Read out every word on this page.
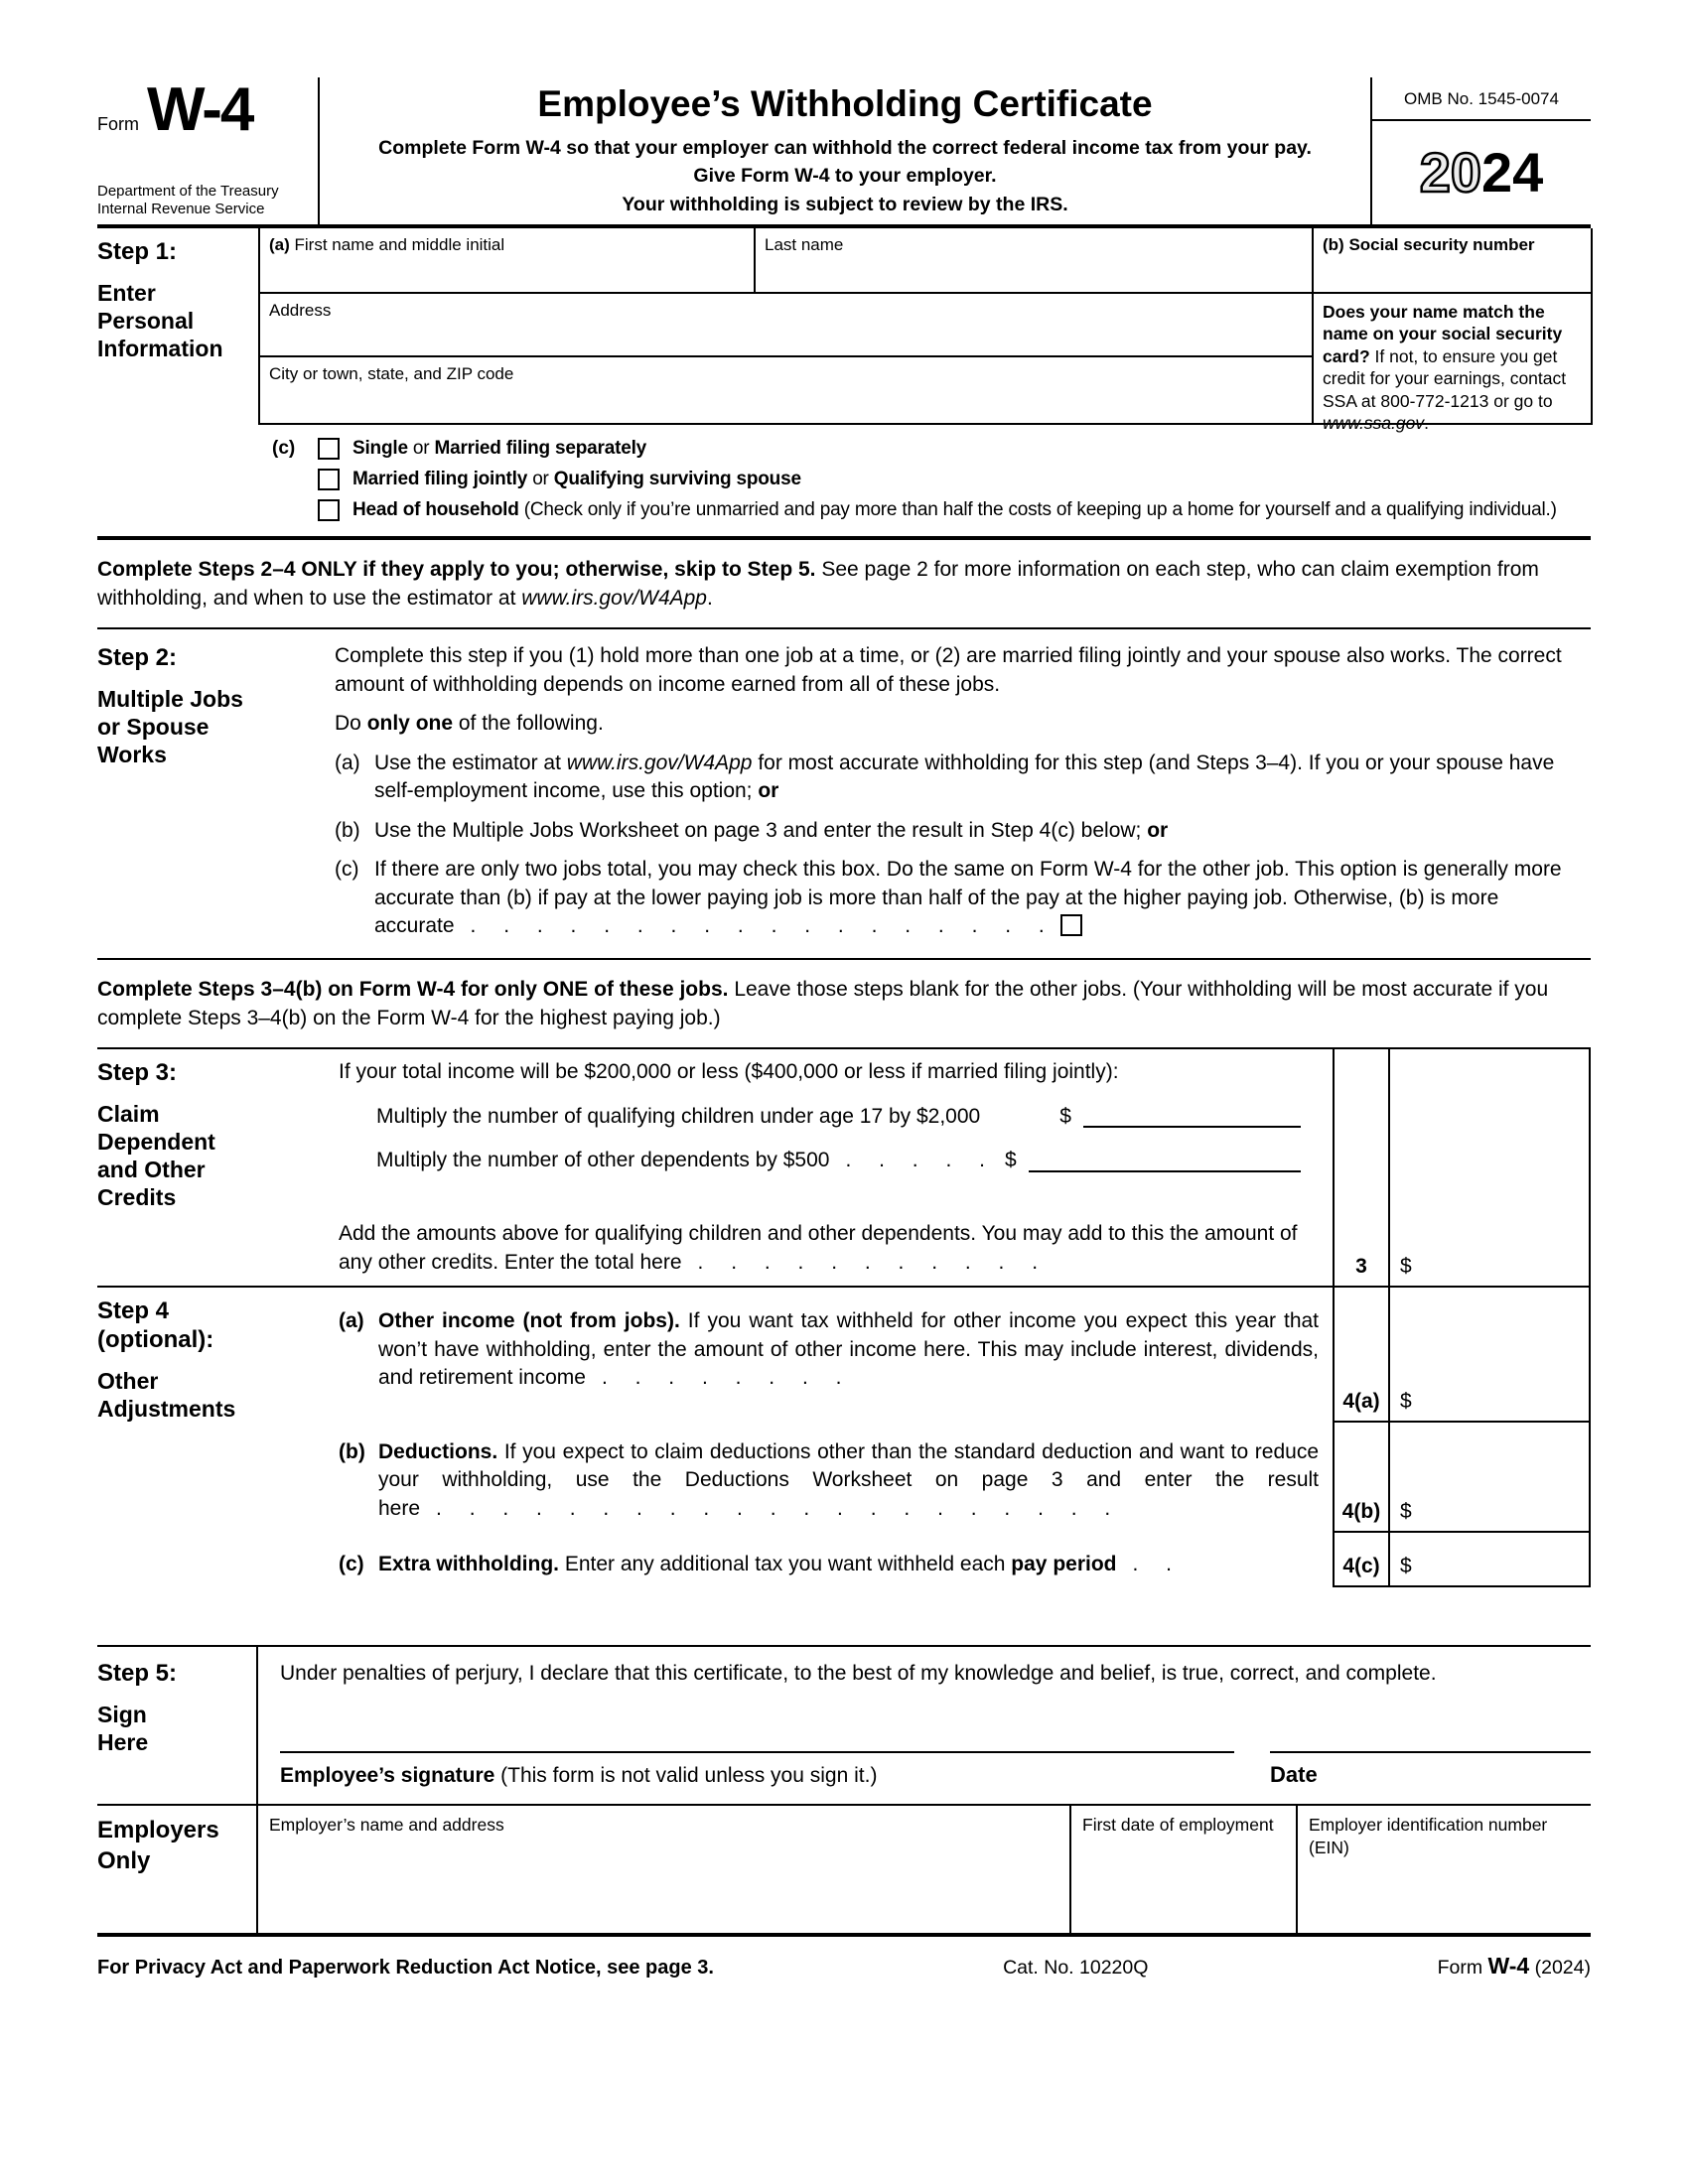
Form W-4
Department of the Treasury
Internal Revenue Service
Employee’s Withholding Certificate
Complete Form W-4 so that your employer can withhold the correct federal income tax from your pay.
Give Form W-4 to your employer.
Your withholding is subject to review by the IRS.
OMB No. 1545-0074
20 24
Step 1:
Enter Personal Information
(a) First name and middle initial	Last name	(b) Social security number
Address	Does your name match the name on your social security card? If not, to ensure you get credit for your earnings, contact SSA at 800-772-1213 or go to www.ssa.gov.
City or town, state, and ZIP code
(c)	Single or Married filing separately
Married filing jointly or Qualifying surviving spouse
Head of household (Check only if you’re unmarried and pay more than half the costs of keeping up a home for yourself and a qualifying individual.)
Complete Steps 2–4 ONLY if they apply to you; otherwise, skip to Step 5. See page 2 for more information on each step, who can claim exemption from withholding, and when to use the estimator at www.irs.gov/W4App.
Step 2:
Multiple Jobs or Spouse Works
Complete this step if you (1) hold more than one job at a time, or (2) are married filing jointly and your spouse also works. The correct amount of withholding depends on income earned from all of these jobs.
Do only one of the following.
(a) Use the estimator at www.irs.gov/W4App for most accurate withholding for this step (and Steps 3–4). If you or your spouse have self-employment income, use this option; or
(b) Use the Multiple Jobs Worksheet on page 3 and enter the result in Step 4(c) below; or
(c) If there are only two jobs total, you may check this box. Do the same on Form W-4 for the other job. This option is generally more accurate than (b) if pay at the lower paying job is more than half of the pay at the higher paying job. Otherwise, (b) is more accurate . . . . . . . . . . . . . . . . . .
Complete Steps 3–4(b) on Form W-4 for only ONE of these jobs. Leave those steps blank for the other jobs. (Your withholding will be most accurate if you complete Steps 3–4(b) on the Form W-4 for the highest paying job.)
Step 3:
Claim Dependent and Other Credits
If your total income will be $200,000 or less ($400,000 or less if married filing jointly):
Multiply the number of qualifying children under age 17 by $2,000	$
Multiply the number of other dependents by $500 . . . . . $
Add the amounts above for qualifying children and other dependents. You may add to this the amount of any other credits. Enter the total here . . . . . . . . . . .	3	$
Step 4
(optional):
Other Adjustments
(a) Other income (not from jobs). If you want tax withheld for other income you expect this year that won’t have withholding, enter the amount of other income here. This may include interest, dividends, and retirement income . . . . . . . .
4(a) $
(b) Deductions. If you expect to claim deductions other than the standard deduction and want to reduce your withholding, use the Deductions Worksheet on page 3 and enter the result here . . . . . . . . . . . . . . . . . . . . .	4(b) $
(c) Extra withholding. Enter any additional tax you want withheld each pay period . .	4(c) $
Step 5:
Sign Here
Under penalties of perjury, I declare that this certificate, to the best of my knowledge and belief, is true, correct, and complete.
Employee’s signature (This form is not valid unless you sign it.)	Date
Employers Only
Employer’s name and address	First date of employment	Employer identification number (EIN)
For Privacy Act and Paperwork Reduction Act Notice, see page 3.	Cat. No. 10220Q	Form W-4 (2024)
